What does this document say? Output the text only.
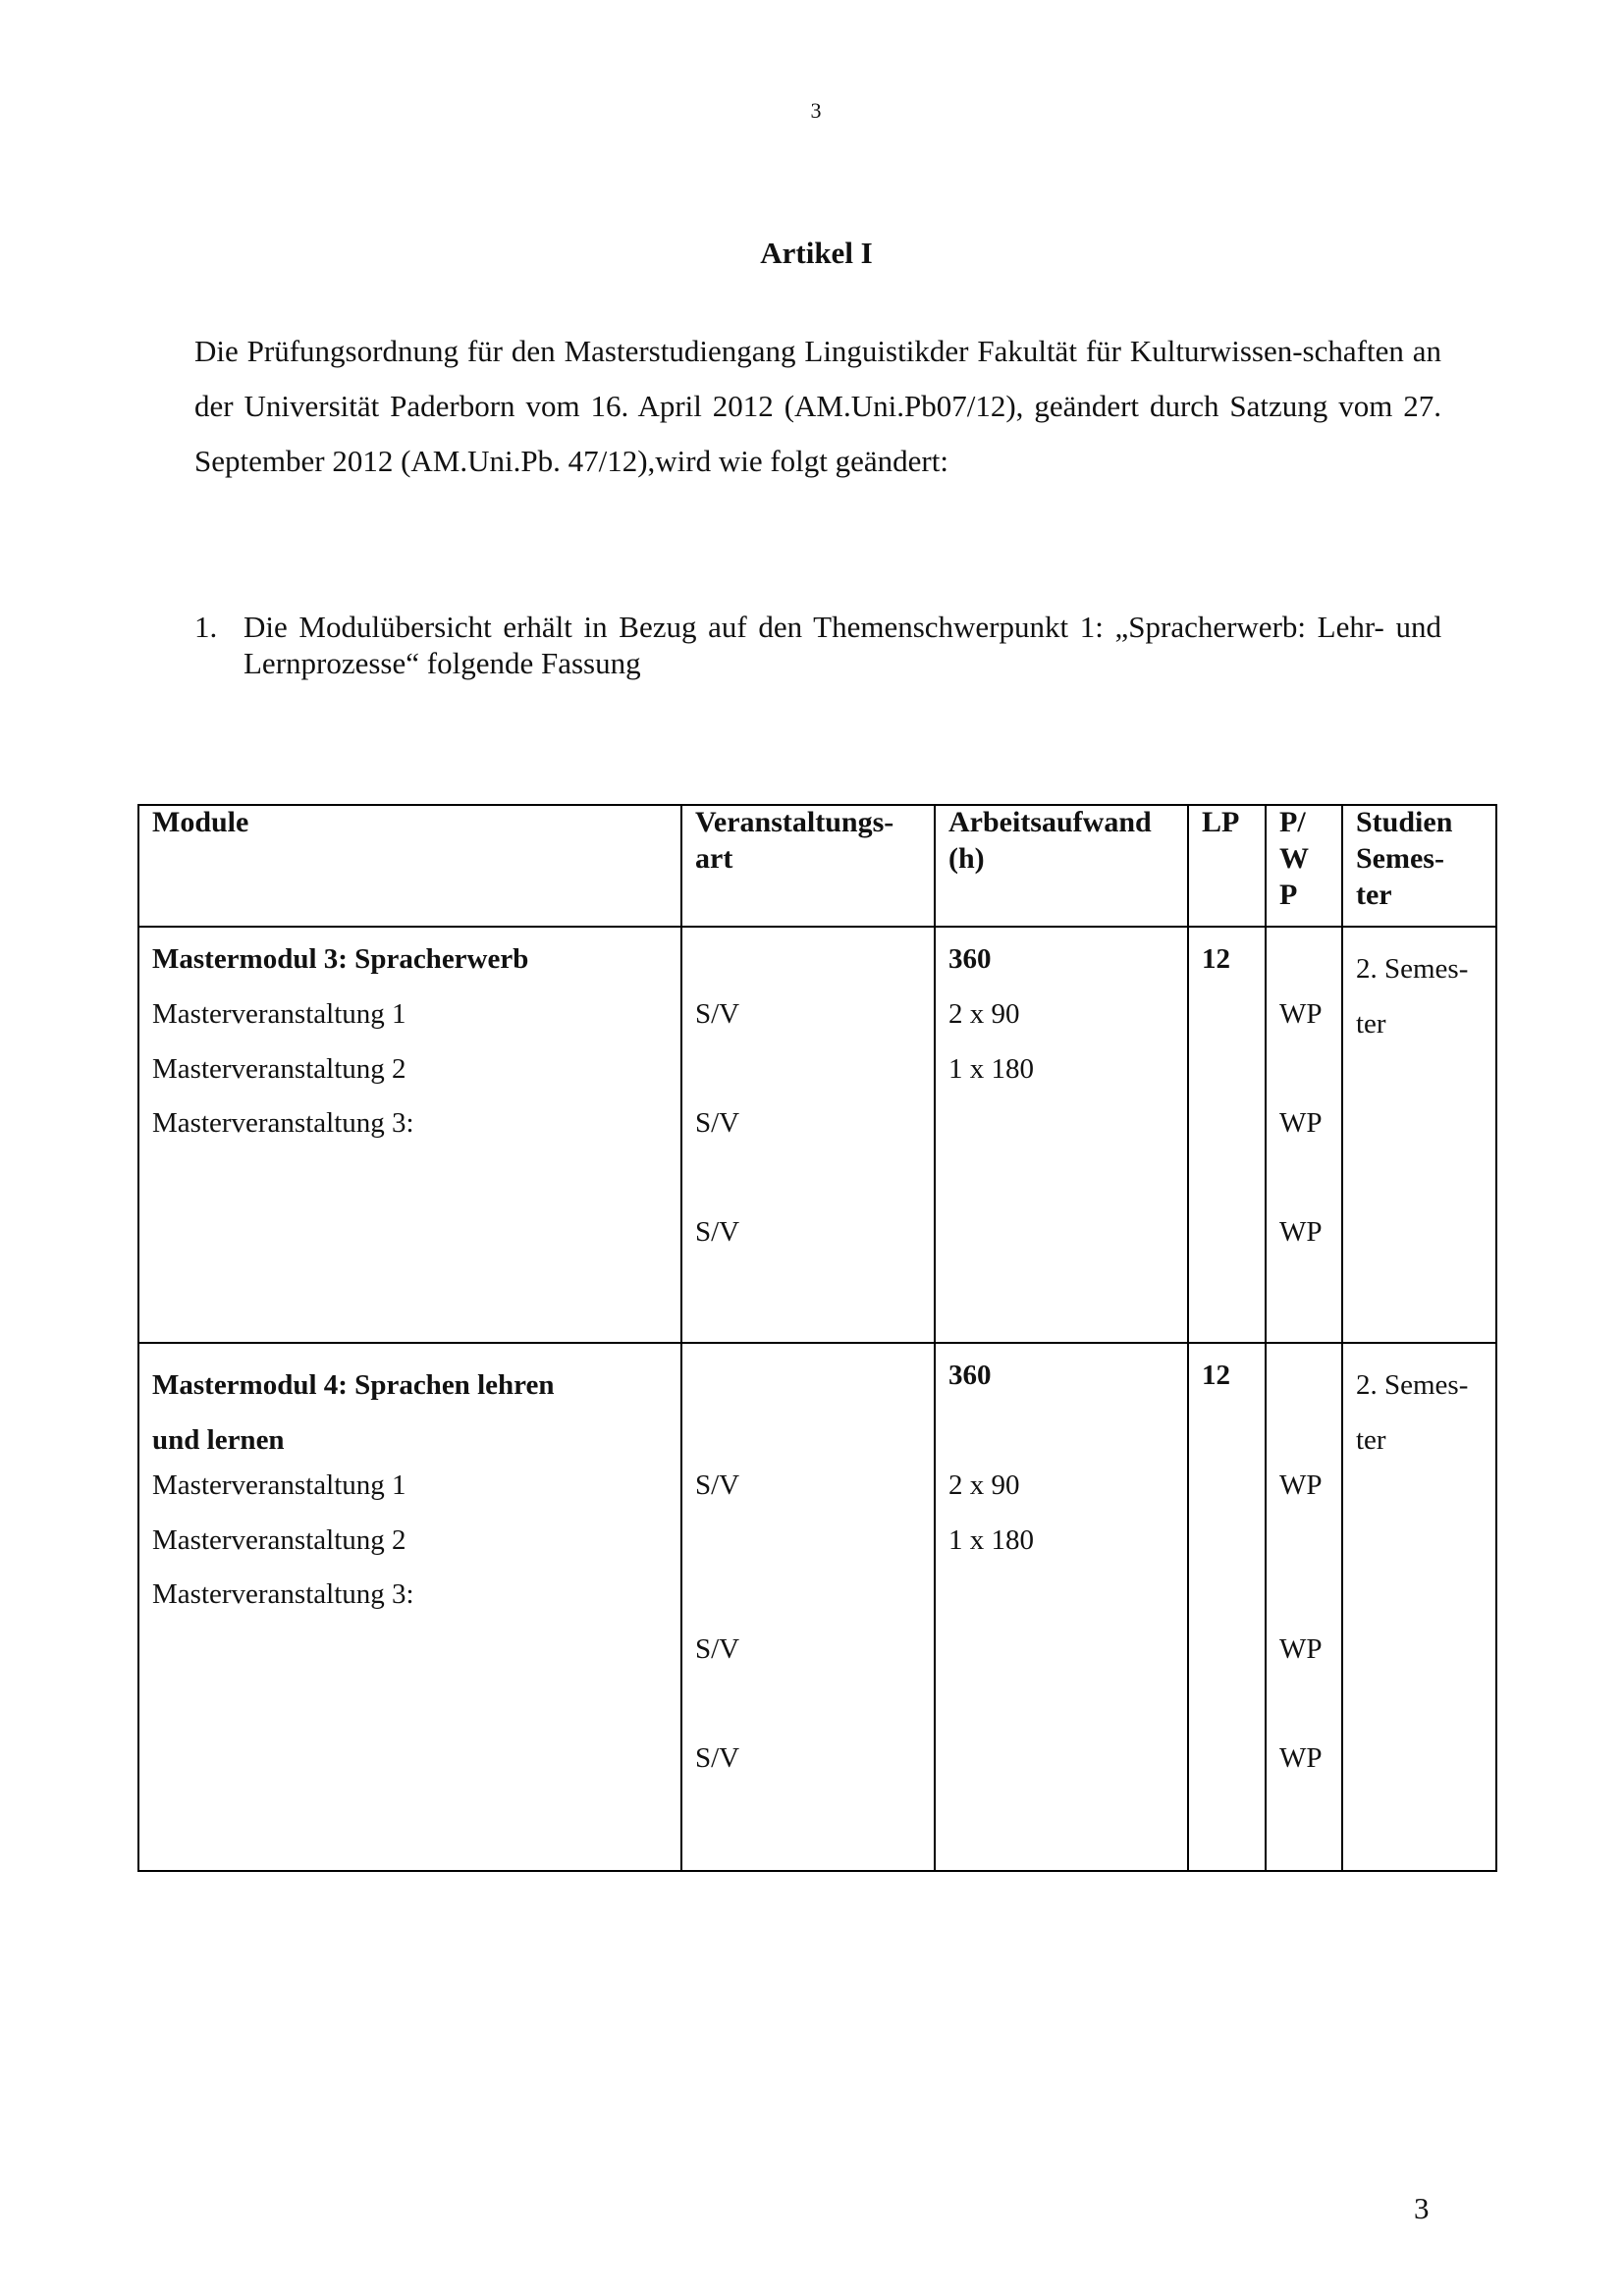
3
Artikel I
Die Prüfungsordnung für den Masterstudiengang Linguistikder Fakultät für Kulturwissen-schaften an der Universität Paderborn vom 16. April 2012 (AM.Uni.Pb07/12), geändert durch Satzung vom 27. September 2012 (AM.Uni.Pb. 47/12),wird wie folgt geändert:
1. Die Modulübersicht erhält in Bezug auf den Themenschwerpunkt 1: „Spracherwerb: Lehr- und Lernprozesse“ folgende Fassung
Module	Veranstaltungs-
art
Arbeitsaufwand
(h)
LP P/
W
P
Studien
Semes-
ter
Mastermodul 3: Spracherwerb
Masterveranstaltung 1
Masterveranstaltung 2
Masterveranstaltung 3:
S/V
S/V
S/V
360
2 x 90
1 x 180
12
WP
WP
WP
2. Semes-
ter
Mastermodul 4: Sprachen lehren
und lernen
Masterveranstaltung 1
Masterveranstaltung 2
Masterveranstaltung 3:
S/V
S/V
S/V
360
2 x 90
1 x 180
12
WP
WP
WP
2. Semes-
ter
3
